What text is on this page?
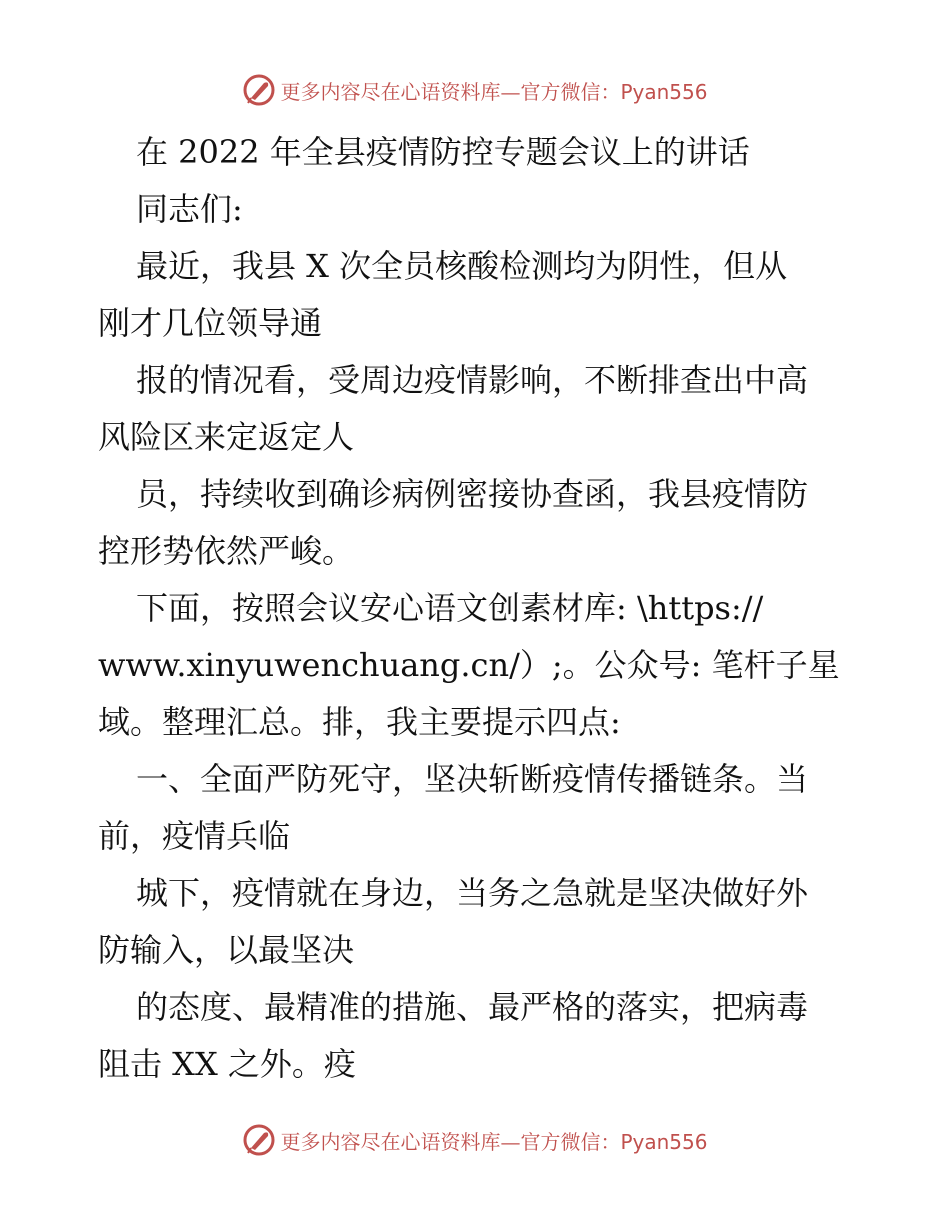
更多内容尽在心语资料库— 官方微信：Pyan556
在 2022 年全县疫情防控专题会议上的讲话
同志们:
最近，我县 X 次全员核酸检测均为阴性，但从
刚才几位领导通
报的情况看，受周边疫情影响，不断排查出中高
风险区来定返定人
员，持续收到确诊病例密接协查函，我县疫情防
控形势依然严峻。
下面，按照会议安心语文创素材库: \https://
www.xinyuwenchuang.cn/）;。公众号: 笔杆子星
域。整理汇总。排，我主要提示四点:
一、全面严防死守，坚决斩断疫情传播链条。当
前，疫情兵临
城下，疫情就在身边，当务之急就是坚决做好外
防输入，以最坚决
的态度、最精准的措施、最严格的落实，把病毒
阻击 XX 之外。疫
更多内容尽在心语资料库— 官方微信：Pyan556
